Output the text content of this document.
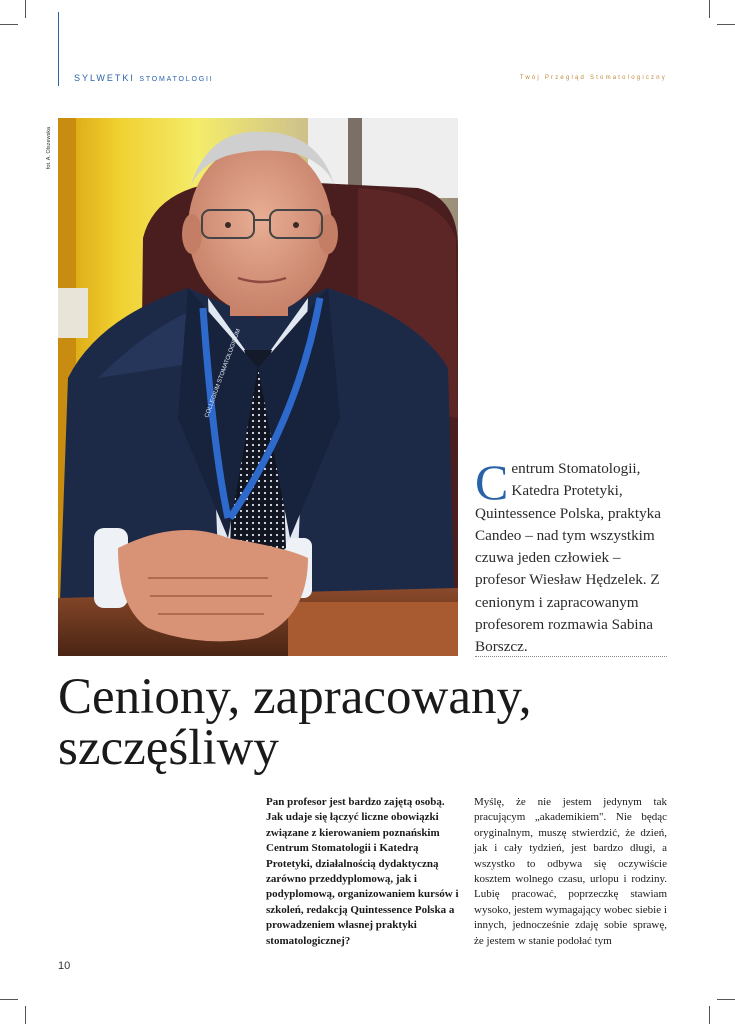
SYLWETKI STOMATOLOGII	Twój Przegląd Stomatologiczny
fot. A. Olszewska
COLLEGIUM STOMATOLOGICUM
Centrum Stomatologii, Katedra Protetyki, Quintessence Polska, praktyka Candeo – nad tym wszystkim czuwa jeden człowiek – profesor Wiesław Hędzelek. Z cenionym i zapracowanym profesorem rozmawia Sabina Borszcz.
Ceniony, zapracowany,
szczęśliwy
Pan profesor jest bardzo zajętą osobą. Jak udaje się łączyć liczne obowiązki związane z kierowaniem poznańskim Centrum Stomatologii i Katedrą Protetyki, działalnością dydaktyczną zarówno przeddyplomową, jak i podyplomową, organizowaniem kursów i szkoleń, redakcją Quintessence Polska a prowadzeniem własnej praktyki stomatologicznej?
Myślę, że nie jestem jedynym tak pracującym „akademikiem". Nie będąc oryginalnym, muszę stwierdzić, że dzień, jak i cały tydzień, jest bardzo długi, a wszystko to odbywa się oczywiście kosztem wolnego czasu, urlopu i rodziny. Lubię pracować, poprzeczkę stawiam wysoko, jestem wymagający wobec siebie i innych, jednocześnie zdaję sobie sprawę, że jestem w stanie podołać tym
10
